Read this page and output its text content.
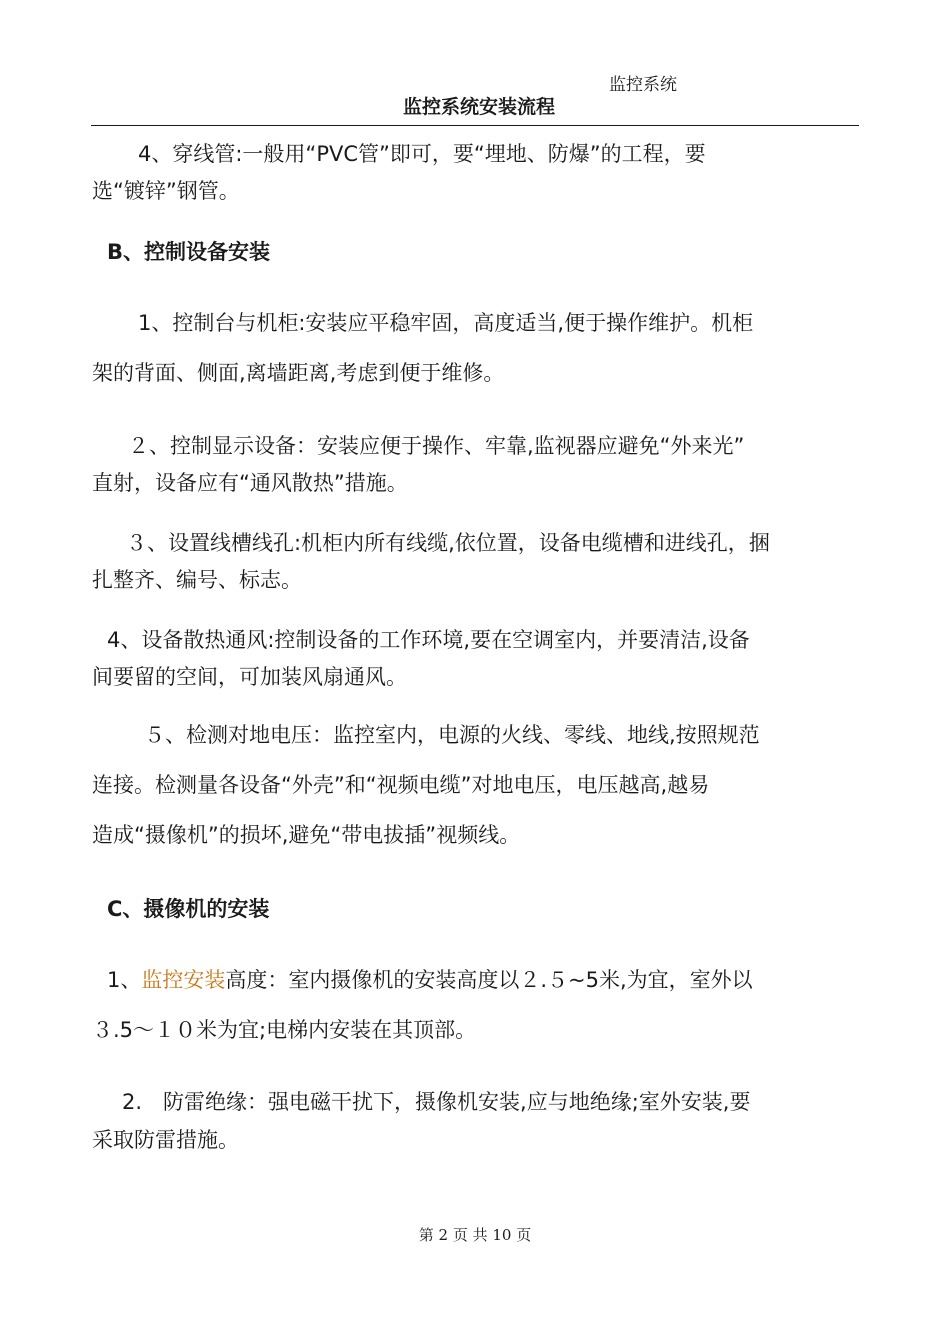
监控系统
监控系统安装流程
4、穿线管:一般用“PVC管”即可，要“埋地、防爆”的工程，要
选“镀锌”钢管。
B、控制设备安装
1、控制台与机柜:安装应平稳牢固，高度适当,便于操作维护。机柜
架的背面、侧面,离墙距离,考虑到便于维修。
２、控制显示设备：安装应便于操作、牢靠,监视器应避免“外来光”
直射，设备应有“通风散热”措施。
３、设置线槽线孔:机柜内所有线缆,依位置，设备电缆槽和进线孔，捆
扎整齐、编号、标志。
4、设备散热通风:控制设备的工作环境,要在空调室内，并要清洁,设备
间要留的空间，可加装风扇通风。
５、检测对地电压：监控室内，电源的火线、零线、地线,按照规范
连接。检测量各设备“外壳”和“视频电缆”对地电压，电压越高,越易
造成“摄像机”的损坏,避免“带电拔插”视频线。
C、摄像机的安装
1、监控安装高度：室内摄像机的安装高度以２.５~5米,为宜，室外以
３.5～１０米为宜;电梯内安装在其顶部。
2.　防雷绝缘：强电磁干扰下，摄像机安装,应与地绝缘;室外安装,要
采取防雷措施。
第 2 页 共 10 页
